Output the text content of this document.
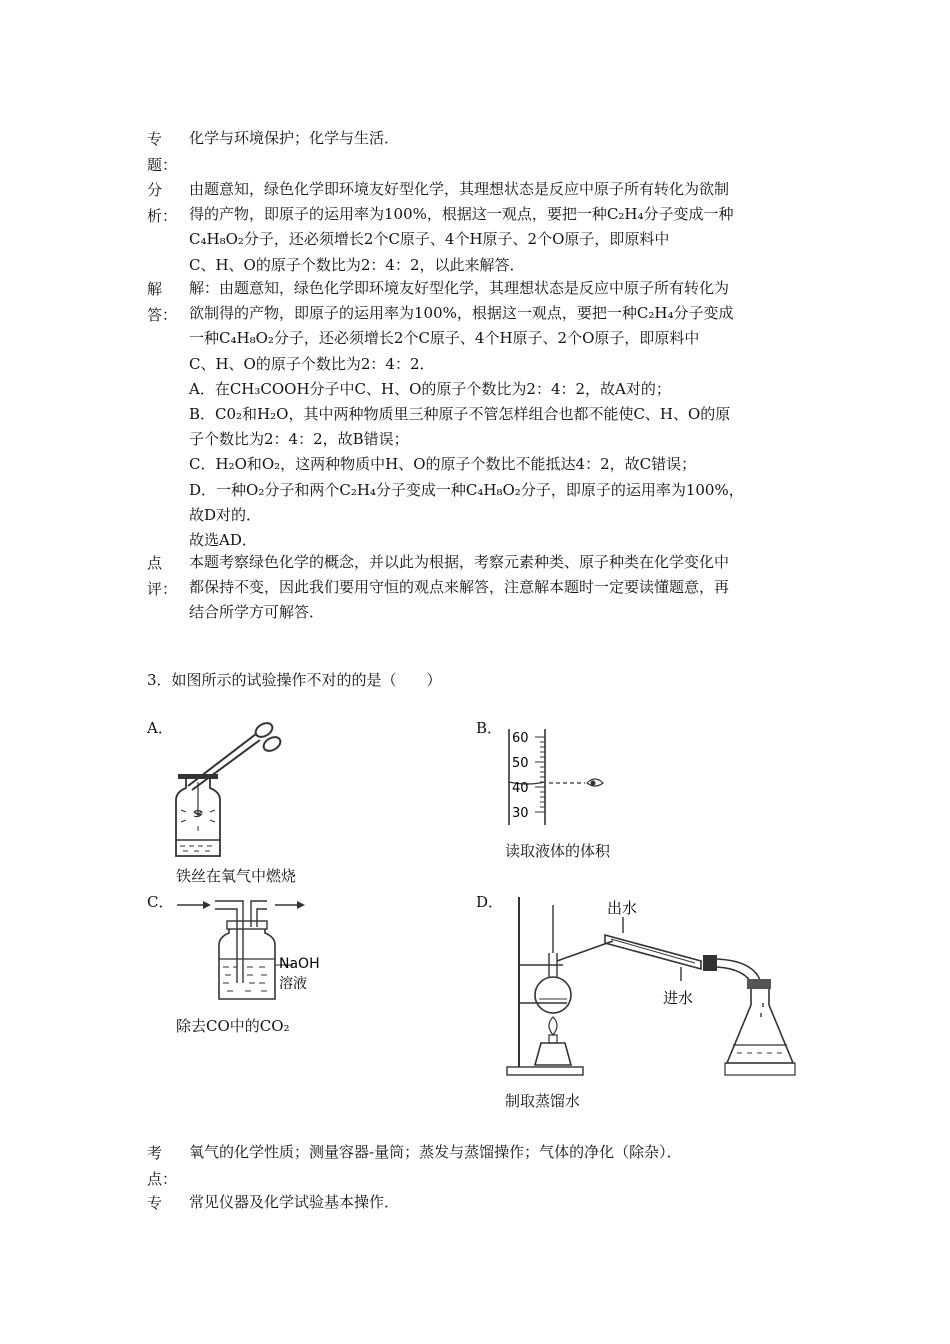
专
题：

化学与环境保护；化学与生活．

分
析：

由题意知，绿色化学即环境友好型化学，其理想状态是反应中原子所有转化为欲制

得的产物，即原子的运用率为100%，根据这一观点，要把一种C₂H₄分子变成一种

C₄H₈O₂分子，还必须增长2个C原子、4个H原子、2个O原子，即原料中

C、H、O的原子个数比为2：4：2，以此来解答．

解
答：

解：由题意知，绿色化学即环境友好型化学，其理想状态是反应中原子所有转化为

欲制得的产物，即原子的运用率为100%，根据这一观点，要把一种C₂H₄分子变成

一种C₄H₈O₂分子，还必须增长2个C原子、4个H原子、2个O原子，即原料中

C、H、O的原子个数比为2：4：2．

A．在CH₃COOH分子中C、H、O的原子个数比为2：4：2，故A对的；

B．C0₂和H₂O，其中两种物质里三种原子不管怎样组合也都不能使C、H、O的原

子个数比为2：4：2，故B错误；

C．H₂O和O₂，这两种物质中H、O的原子个数比不能抵达4：2，故C错误；

D．一种O₂分子和两个C₂H₄分子变成一种C₄H₈O₂分子，即原子的运用率为100%，

故D对的．

故选AD．

点
评：

本题考察绿色化学的概念，并以此为根据，考察元素种类、原子种类在化学变化中

都保持不变，因此我们要用守恒的观点来解答，注意解本题时一定要读懂题意，再

结合所学方可解答．

3．如图所示的试验操作不对的的是（　　）
A．
铁丝在氧气中燃烧
B．
60
50
40
30
读取液体的体积
C．
NaOH
溶液
除去CO中的CO₂
D．	出水
进水
制取蒸馏水
考
点：

氧气的化学性质；测量容器-量筒；蒸发与蒸馏操作；气体的净化（除杂）．

专	常见仪器及化学试验基本操作．
